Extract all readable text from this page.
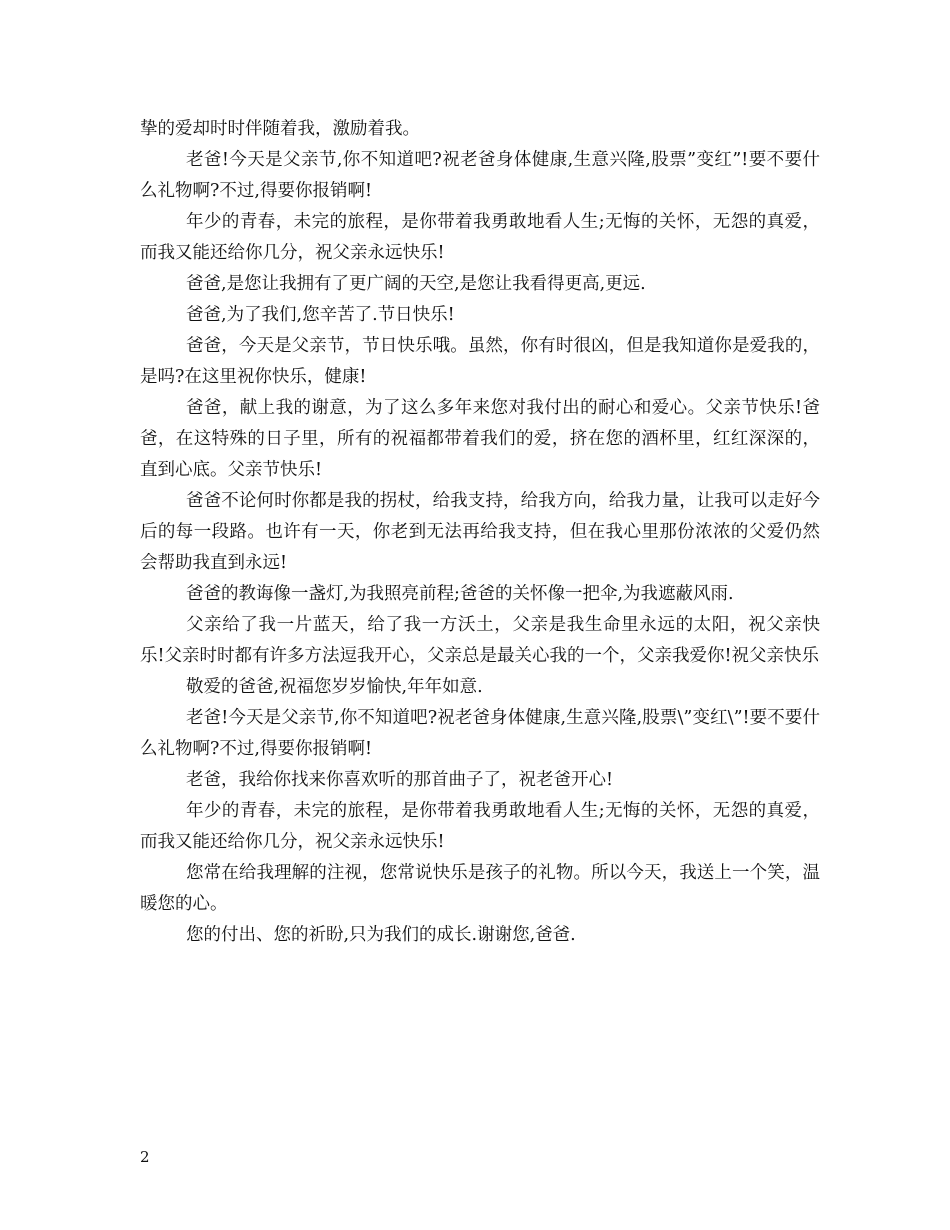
挚的爱却时时伴随着我，激励着我。

老爸!今天是父亲节,你不知道吧?祝老爸身体健康,生意兴隆,股票”变红”!要不要什么礼物啊?不过,得要你报销啊!

年少的青春，未完的旅程，是你带着我勇敢地看人生;无悔的关怀，无怨的真爱，而我又能还给你几分，祝父亲永远快乐!

爸爸,是您让我拥有了更广阔的天空,是您让我看得更高,更远.

爸爸,为了我们,您辛苦了.节日快乐!

爸爸，今天是父亲节，节日快乐哦。虽然，你有时很凶，但是我知道你是爱我的，是吗?在这里祝你快乐，健康!

爸爸，献上我的谢意，为了这么多年来您对我付出的耐心和爱心。父亲节快乐!爸爸，在这特殊的日子里，所有的祝福都带着我们的爱，挤在您的酒杯里，红红深深的，直到心底。父亲节快乐!

爸爸不论何时你都是我的拐杖，给我支持，给我方向，给我力量，让我可以走好今后的每一段路。也许有一天，你老到无法再给我支持，但在我心里那份浓浓的父爱仍然会帮助我直到永远!

爸爸的教诲像一盏灯,为我照亮前程;爸爸的关怀像一把伞,为我遮蔽风雨.

父亲给了我一片蓝天，给了我一方沃土，父亲是我生命里永远的太阳，祝父亲快乐!父亲时时都有许多方法逗我开心，父亲总是最关心我的一个，父亲我爱你!祝父亲快乐

敬爱的爸爸,祝福您岁岁愉快,年年如意.

老爸!今天是父亲节,你不知道吧?祝老爸身体健康,生意兴隆,股票\”变红\”!要不要什么礼物啊?不过,得要你报销啊!

老爸，我给你找来你喜欢听的那首曲子了，祝老爸开心!

年少的青春，未完的旅程，是你带着我勇敢地看人生;无悔的关怀，无怨的真爱，而我又能还给你几分，祝父亲永远快乐!

您常在给我理解的注视，您常说快乐是孩子的礼物。所以今天，我送上一个笑，温暖您的心。

您的付出、您的祈盼,只为我们的成长.谢谢您,爸爸.

2
